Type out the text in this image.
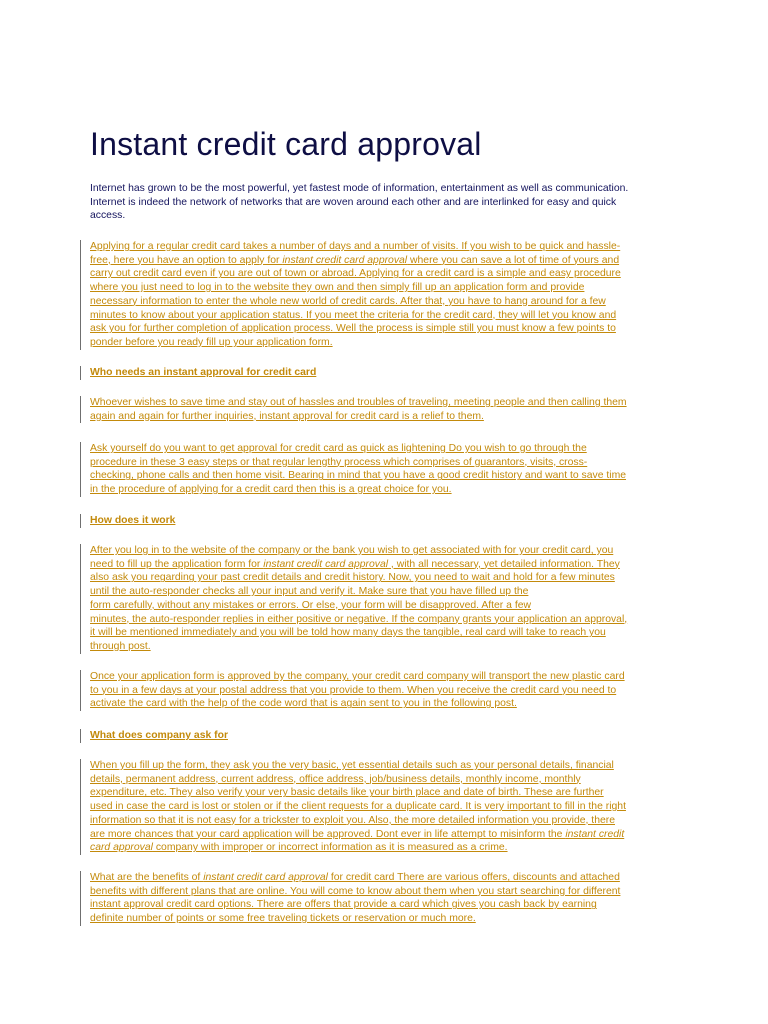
Instant credit card approval
Internet has grown to be the most powerful, yet fastest mode of information, entertainment as well as communication.
Internet is indeed the network of networks that are woven around each other and are interlinked for easy and quick
access.
Applying for a regular credit card takes a number of days and a number of visits. If you wish to be quick and hassle-
free, here you have an option to apply for instant credit card approval where you can save a lot of time of yours and
carry out credit card even if you are out of town or abroad. Applying for a credit card is a simple and easy procedure
where you just need to log in to the website they own and then simply fill up an application form and provide
necessary information to enter the whole new world of credit cards. After that, you have to hang around for a few
minutes to know about your application status. If you meet the criteria for the credit card, they will let you know and
ask you for further completion of application process. Well the process is simple still you must know a few points to
ponder before you ready fill up your application form.
Who needs an instant approval for credit card
Whoever wishes to save time and stay out of hassles and troubles of traveling, meeting people and then calling them
again and again for further inquiries, instant approval for credit card is a relief to them.
Ask yourself do you want to get approval for credit card as quick as lightening Do you wish to go through the
procedure in these 3 easy steps or that regular lengthy process which comprises of guarantors, visits, cross-
checking, phone calls and then home visit. Bearing in mind that you have a good credit history and want to save time
in the procedure of applying for a credit card then this is a great choice for you.
How does it work
After you log in to the website of the company or the bank you wish to get associated with for your credit card, you
need to fill up the application form for instant credit card approval , with all necessary, yet detailed information. They
also ask you regarding your past credit details and credit history. Now, you need to wait and hold for a few minutes
until the auto-responder checks all your input and verify it. Make sure that you have filled up the
form carefully, without any mistakes or errors. Or else, your form will be disapproved. After a few
minutes, the auto-responder replies in either positive or negative. If the company grants your application an approval,
it will be mentioned immediately and you will be told how many days the tangible, real card will take to reach you
through post.
Once your application form is approved by the company, your credit card company will transport the new plastic card
to you in a few days at your postal address that you provide to them. When you receive the credit card you need to
activate the card with the help of the code word that is again sent to you in the following post.
What does company ask for
When you fill up the form, they ask you the very basic, yet essential details such as your personal details, financial
details, permanent address, current address, office address, job/business details, monthly income, monthly
expenditure, etc. They also verify your very basic details like your birth place and date of birth. These are further
used in case the card is lost or stolen or if the client requests for a duplicate card. It is very important to fill in the right
information so that it is not easy for a trickster to exploit you. Also, the more detailed information you provide, there
are more chances that your card application will be approved. Dont ever in life attempt to misinform the instant credit
card approval company with improper or incorrect information as it is measured as a crime.
What are the benefits of instant credit card approval for credit card There are various offers, discounts and attached
benefits with different plans that are online. You will come to know about them when you start searching for different
instant approval credit card options. There are offers that provide a card which gives you cash back by earning
definite number of points or some free traveling tickets or reservation or much more.
